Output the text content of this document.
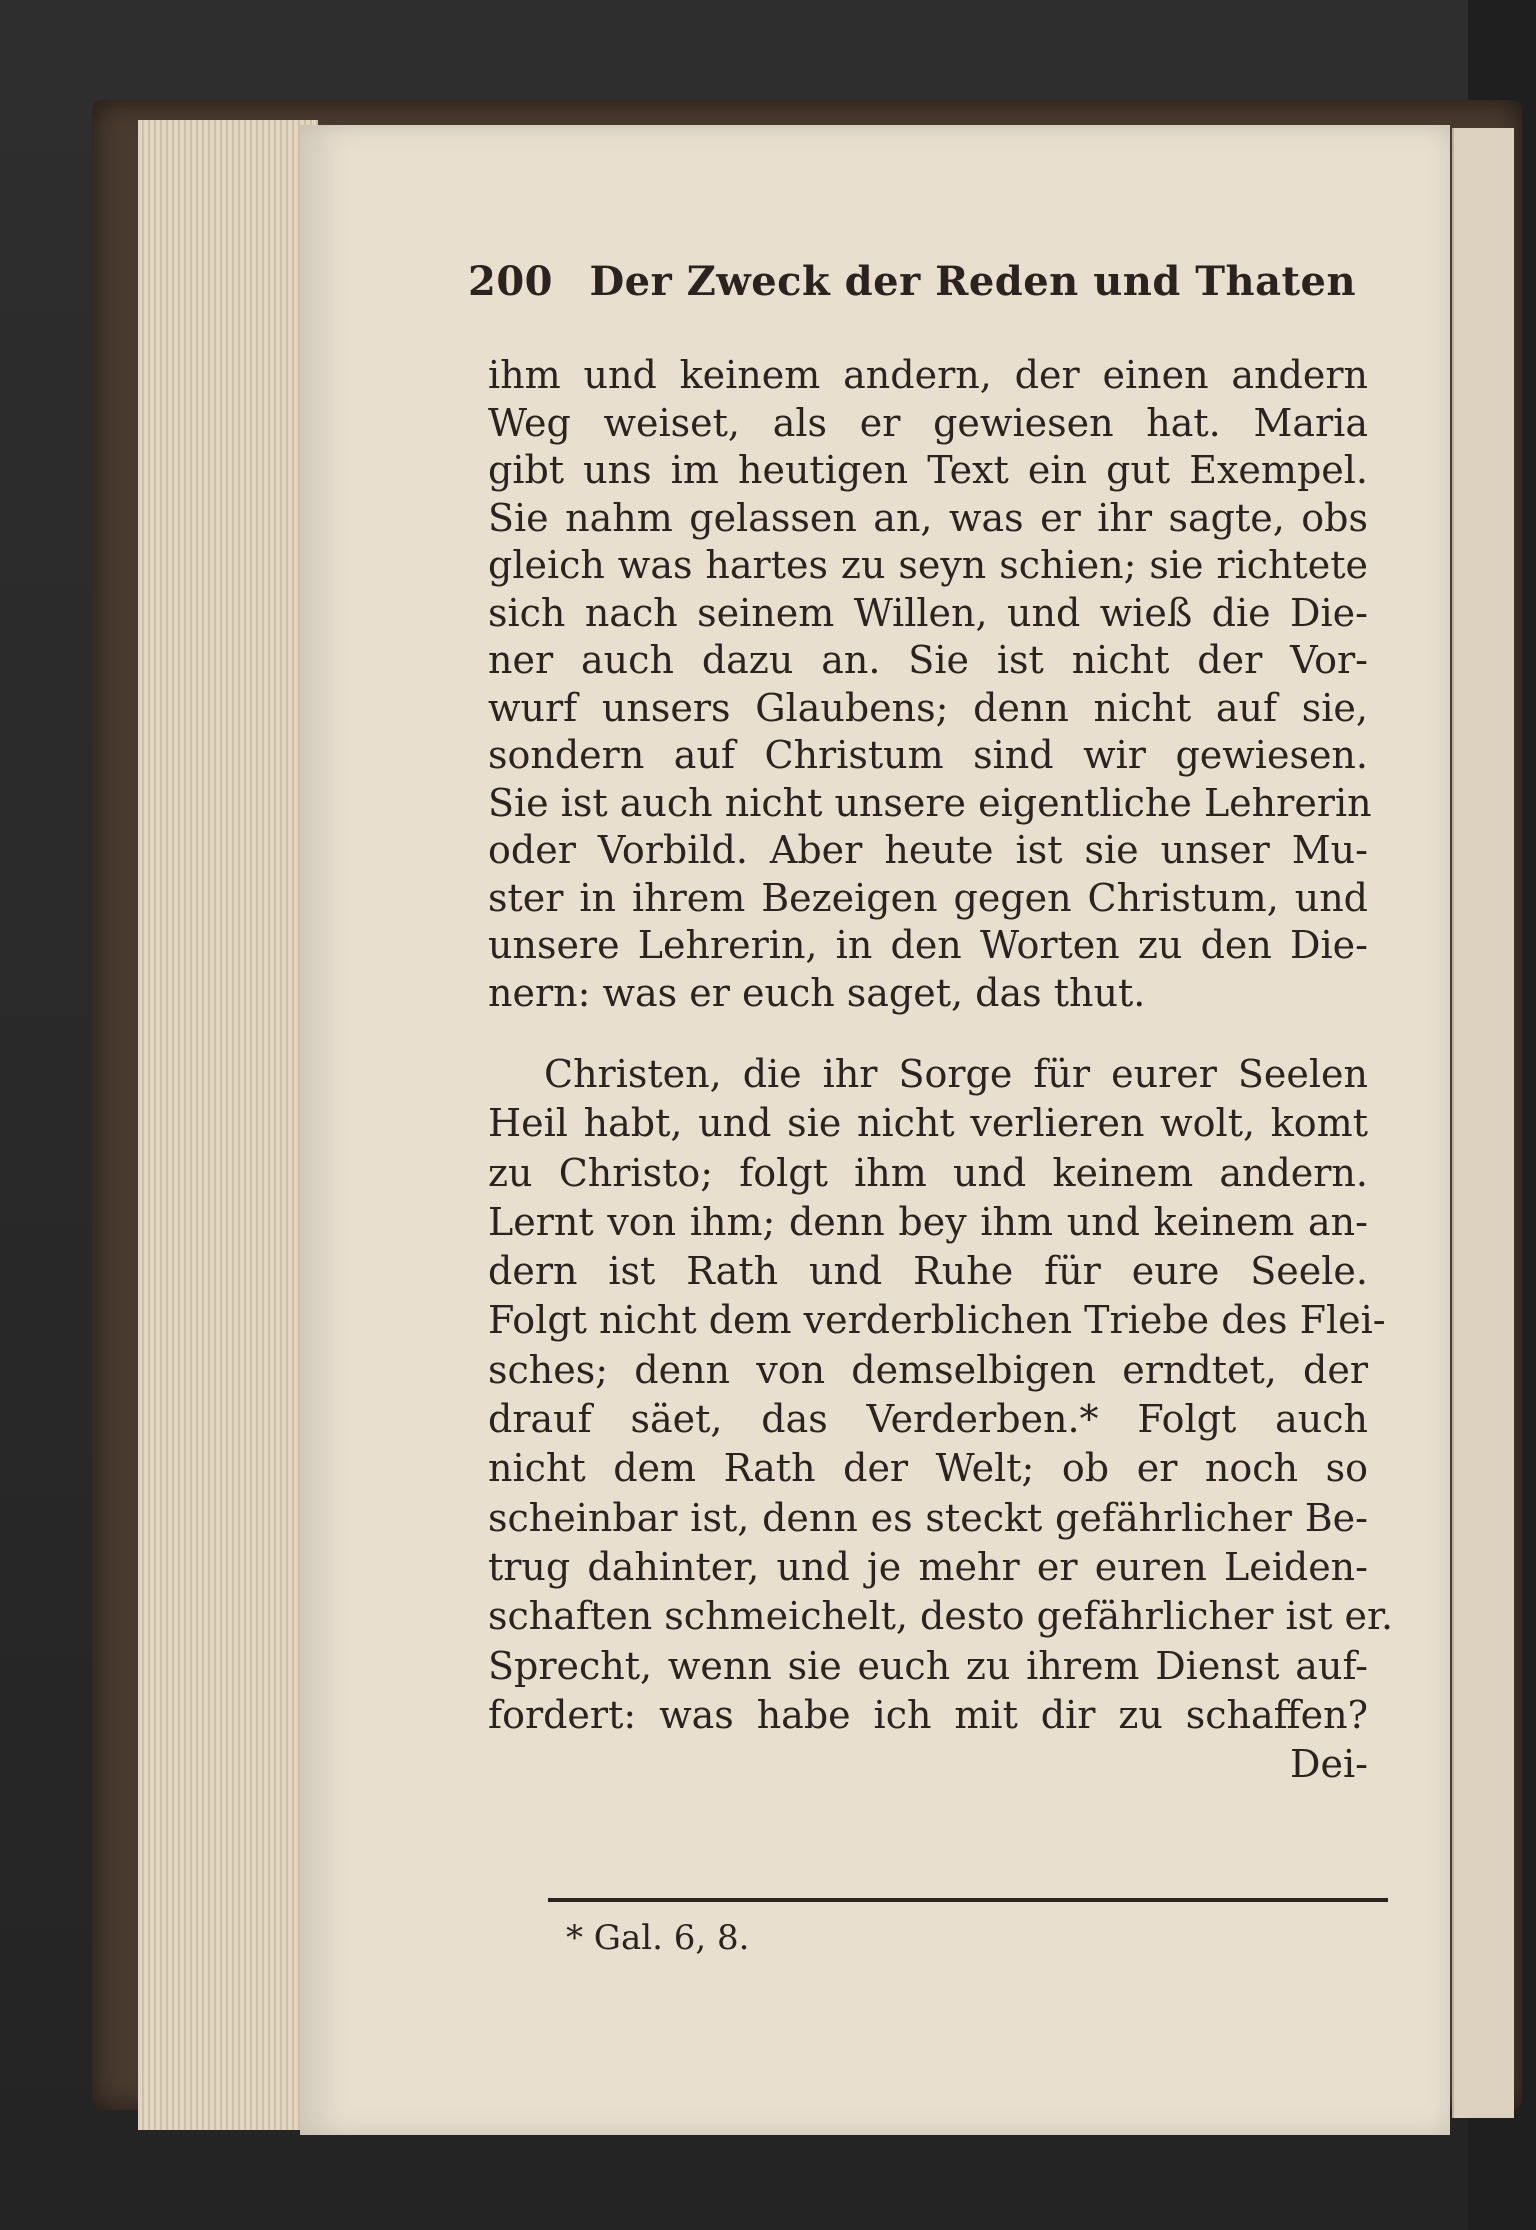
200 Der Zweck der Reden und Thaten
ihm und keinem andern, der einen andern
Weg weiset, als er gewiesen hat. Maria
gibt uns im heutigen Text ein gut Exempel.
Sie nahm gelassen an, was er ihr sagte, obs
gleich was hartes zu seyn schien; sie richtete
sich nach seinem Willen, und wieß die Die-
ner auch dazu an. Sie ist nicht der Vor-
wurf unsers Glaubens; denn nicht auf sie,
sondern auf Christum sind wir gewiesen.
Sie ist auch nicht unsere eigentliche Lehrerin
oder Vorbild. Aber heute ist sie unser Mu-
ster in ihrem Bezeigen gegen Christum, und
unsere Lehrerin, in den Worten zu den Die-
nern: was er euch saget, das thut.
Christen, die ihr Sorge für eurer Seelen
Heil habt, und sie nicht verlieren wolt, komt
zu Christo; folgt ihm und keinem andern.
Lernt von ihm; denn bey ihm und keinem an-
dern ist Rath und Ruhe für eure Seele.
Folgt nicht dem verderblichen Triebe des Flei-
sches; denn von demselbigen erndtet, der
drauf säet, das Verderben.* Folgt auch
nicht dem Rath der Welt; ob er noch so
scheinbar ist, denn es steckt gefährlicher Be-
trug dahinter, und je mehr er euren Leiden-
schaften schmeichelt, desto gefährlicher ist er.
Sprecht, wenn sie euch zu ihrem Dienst auf-
fordert: was habe ich mit dir zu schaffen?
Dei-
* Gal. 6, 8.
